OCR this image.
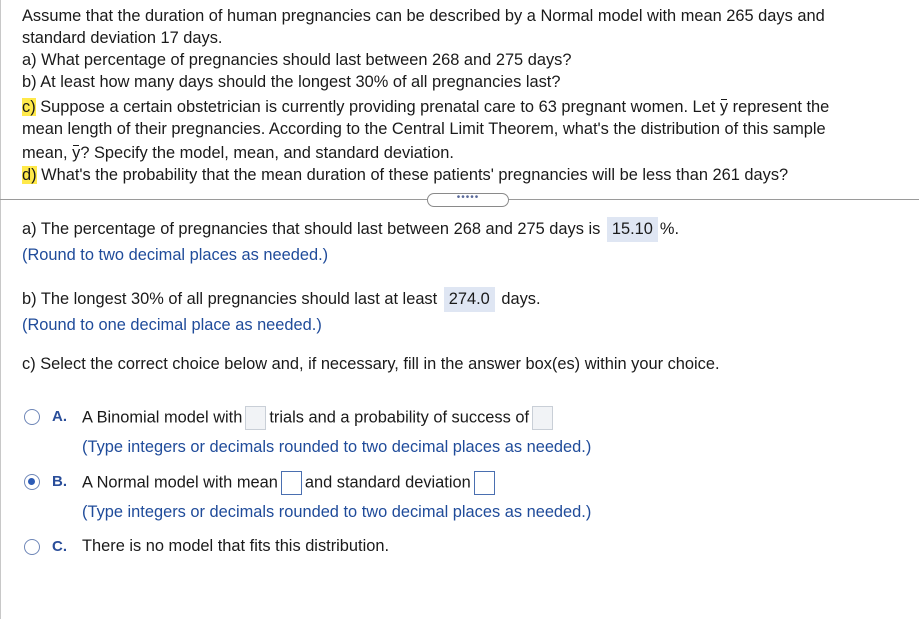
Assume that the duration of human pregnancies can be described by a Normal model with mean 265 days and
standard deviation 17 days.
a) What percentage of pregnancies should last between 268 and 275 days?
b) At least how many days should the longest 30% of all pregnancies last?
c) Suppose a certain obstetrician is currently providing prenatal care to 63 pregnant women. Let y represent the
mean length of their pregnancies. According to the Central Limit Theorem, what's the distribution of this sample
mean, y? Specify the model, mean, and standard deviation.
d) What's the probability that the mean duration of these patients' pregnancies will be less than 261 days?
•••••
a) The percentage of pregnancies that should last between 268 and 275 days is 15.10 %.
(Round to two decimal places as needed.)
b) The longest 30% of all pregnancies should last at least 274.0 days.
(Round to one decimal place as needed.)
c) Select the correct choice below and, if necessary, fill in the answer box(es) within your choice.
A. A Binomial model with trials and a probability of success of
(Type integers or decimals rounded to two decimal places as needed.)
B. A Normal model with mean and standard deviation
(Type integers or decimals rounded to two decimal places as needed.)
C. There is no model that fits this distribution.
